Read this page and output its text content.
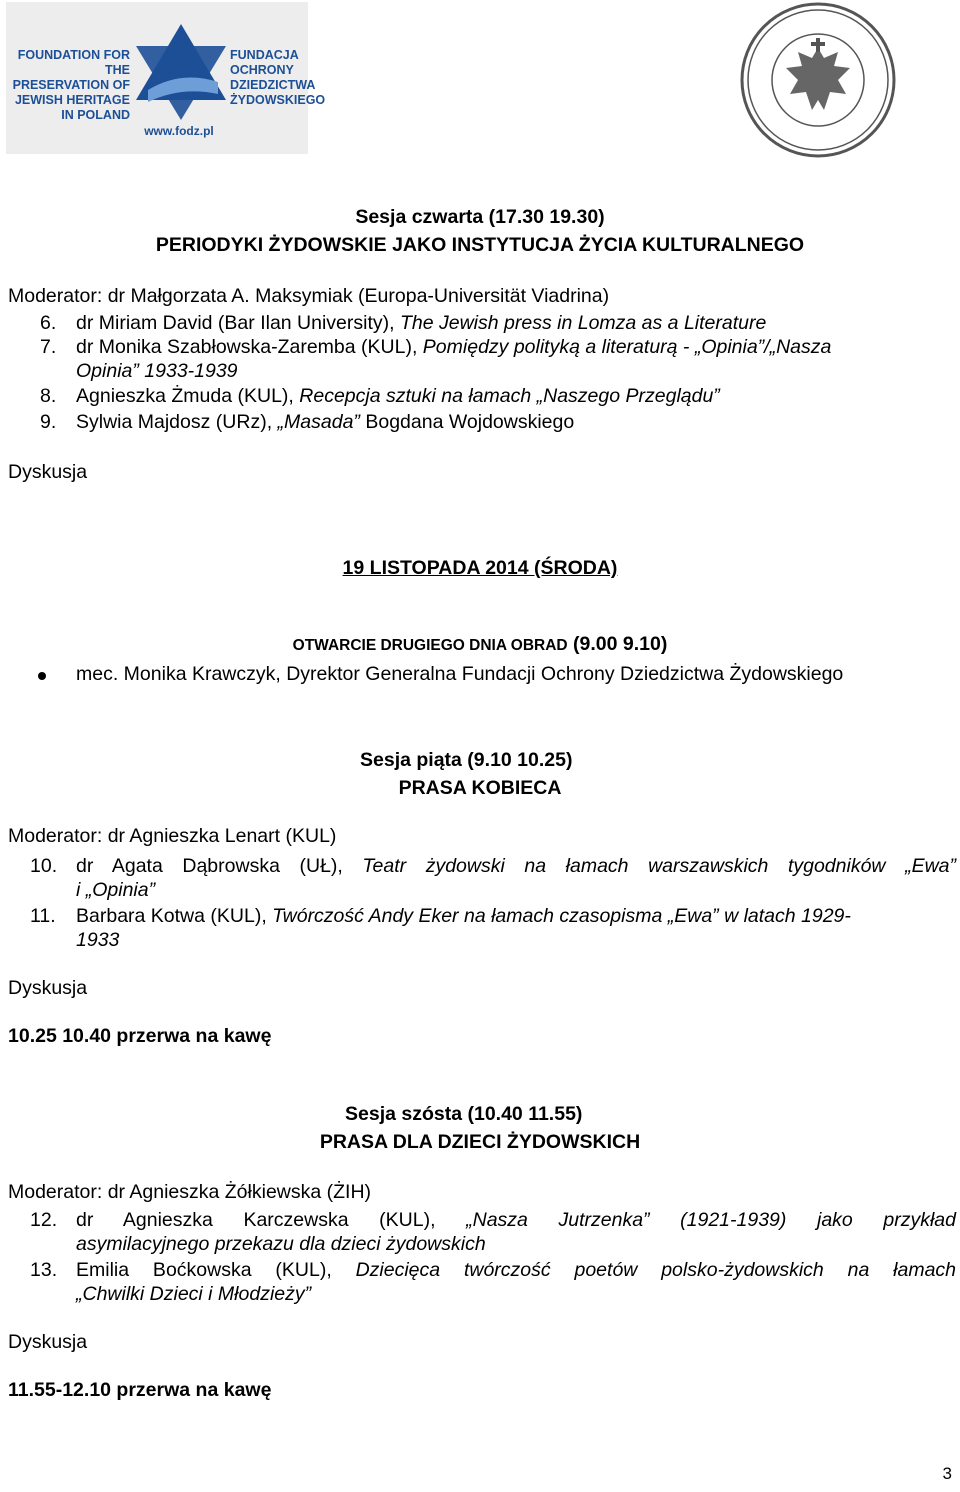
FOUNDATION FOR THE PRESERVATION OF JEWISH HERITAGE IN POLAND
FUNDACJA OCHRONY DZIEDZICTWA ŻYDOWSKIEGO
www.fodz.pl
Sesja czwarta (17.30 19.30)
PERIODYKI ŻYDOWSKIE JAKO INSTYTUCJA ŻYCIA KULTURALNEGO
Moderator: dr Małgorzata A. Maksymiak (Europa-Universität Viadrina)
6. dr Miriam David (Bar Ilan University), The Jewish press in Lomza as a Literature
7. dr Monika Szabłowska-Zaremba (KUL), Pomiędzy polityką a literaturą - „Opinia”/„Nasza
Opinia” 1933-1939
8. Agnieszka Żmuda (KUL), Recepcja sztuki na łamach „Naszego Przeglądu”
9. Sylwia Majdosz (URz), „Masada” Bogdana Wojdowskiego
Dyskusja
19 LISTOPADA 2014 (ŚRODA)
OTWARCIE DRUGIEGO DNIA OBRAD (9.00 9.10)
mec. Monika Krawczyk, Dyrektor Generalna Fundacji Ochrony Dziedzictwa Żydowskiego
Sesja piąta (9.10 10.25)
PRASA KOBIECA
Moderator: dr Agnieszka Lenart (KUL)
10. dr Agata Dąbrowska (UŁ), Teatr żydowski na łamach warszawskich tygodników „Ewa”
i „Opinia”
11. Barbara Kotwa (KUL), Twórczość Andy Eker na łamach czasopisma „Ewa” w latach 1929-
1933
Dyskusja
10.25 10.40 przerwa na kawę
Sesja szósta (10.40 11.55)
PRASA DLA DZIECI ŻYDOWSKICH
Moderator: dr Agnieszka Żółkiewska (ŻIH)
12. dr Agnieszka Karczewska (KUL), „Nasza Jutrzenka” (1921-1939) jako przykład
asymilacyjnego przekazu dla dzieci żydowskich
13. Emilia Boćkowska (KUL), Dziecięca twórczość poetów polsko-żydowskich na łamach
„Chwilki Dzieci i Młodzieży”
Dyskusja
11.55-12.10 przerwa na kawę
3
